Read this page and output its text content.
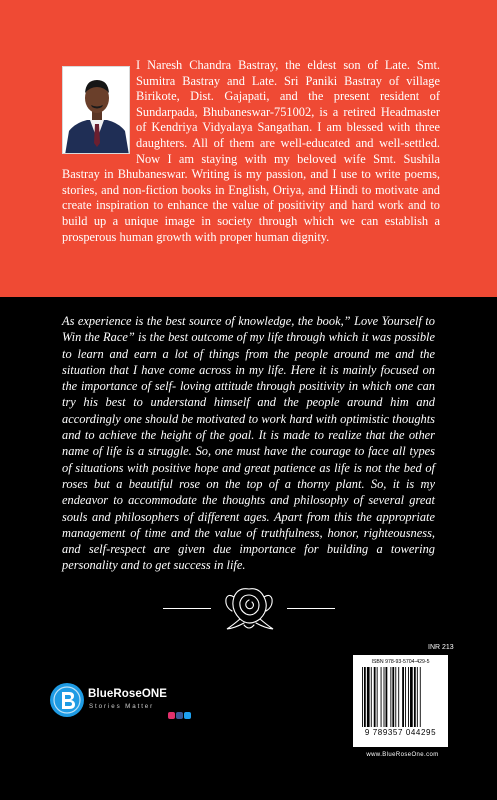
I Naresh Chandra Bastray, the eldest son of Late. Smt. Sumitra Bastray and Late. Sri Paniki Bastray of village Birikote, Dist. Gajapati, and the present resident of Sundarpada, Bhubaneswar-751002, is a retired Headmaster of Kendriya Vidyalaya Sangathan. I am blessed with three daughters. All of them are well-educated and well-settled. Now I am staying with my beloved wife Smt. Sushila Bastray in Bhubaneswar. Writing is my passion, and I use to write poems, stories, and non-fiction books in English, Oriya, and Hindi to motivate and create inspiration to enhance the value of positivity and hard work and to build up a unique image in society through which we can establish a prosperous human growth with proper human dignity.

As experience is the best source of knowledge, the book,” Love Yourself to Win the Race” is the best outcome of my life through which it was possible to learn and earn a lot of things from the people around me and the situation that I have come across in my life. Here it is mainly focused on the importance of self- loving attitude through positivity in which one can try his best to understand himself and the people around him and accordingly one should be motivated to work hard with optimistic thoughts and to achieve the height of the goal. It is made to realize that the other name of life is a struggle. So, one must have the courage to face all types of situations with positive hope and great patience as life is not the bed of roses but a beautiful rose on the top of a thorny plant. So, it is my endeavor to accommodate the thoughts and philosophy of several great souls and philosophers of different ages. Apart from this the appropriate management of time and the value of truthfulness, honor, righteousness, and self-respect are given due importance for building a towering personality and to get success in life.

BlueRoseONE
Stories Matter
INR 213
ISBN 978-93-5704-429-5
9 789357 044295
www.BlueRoseOne.com
